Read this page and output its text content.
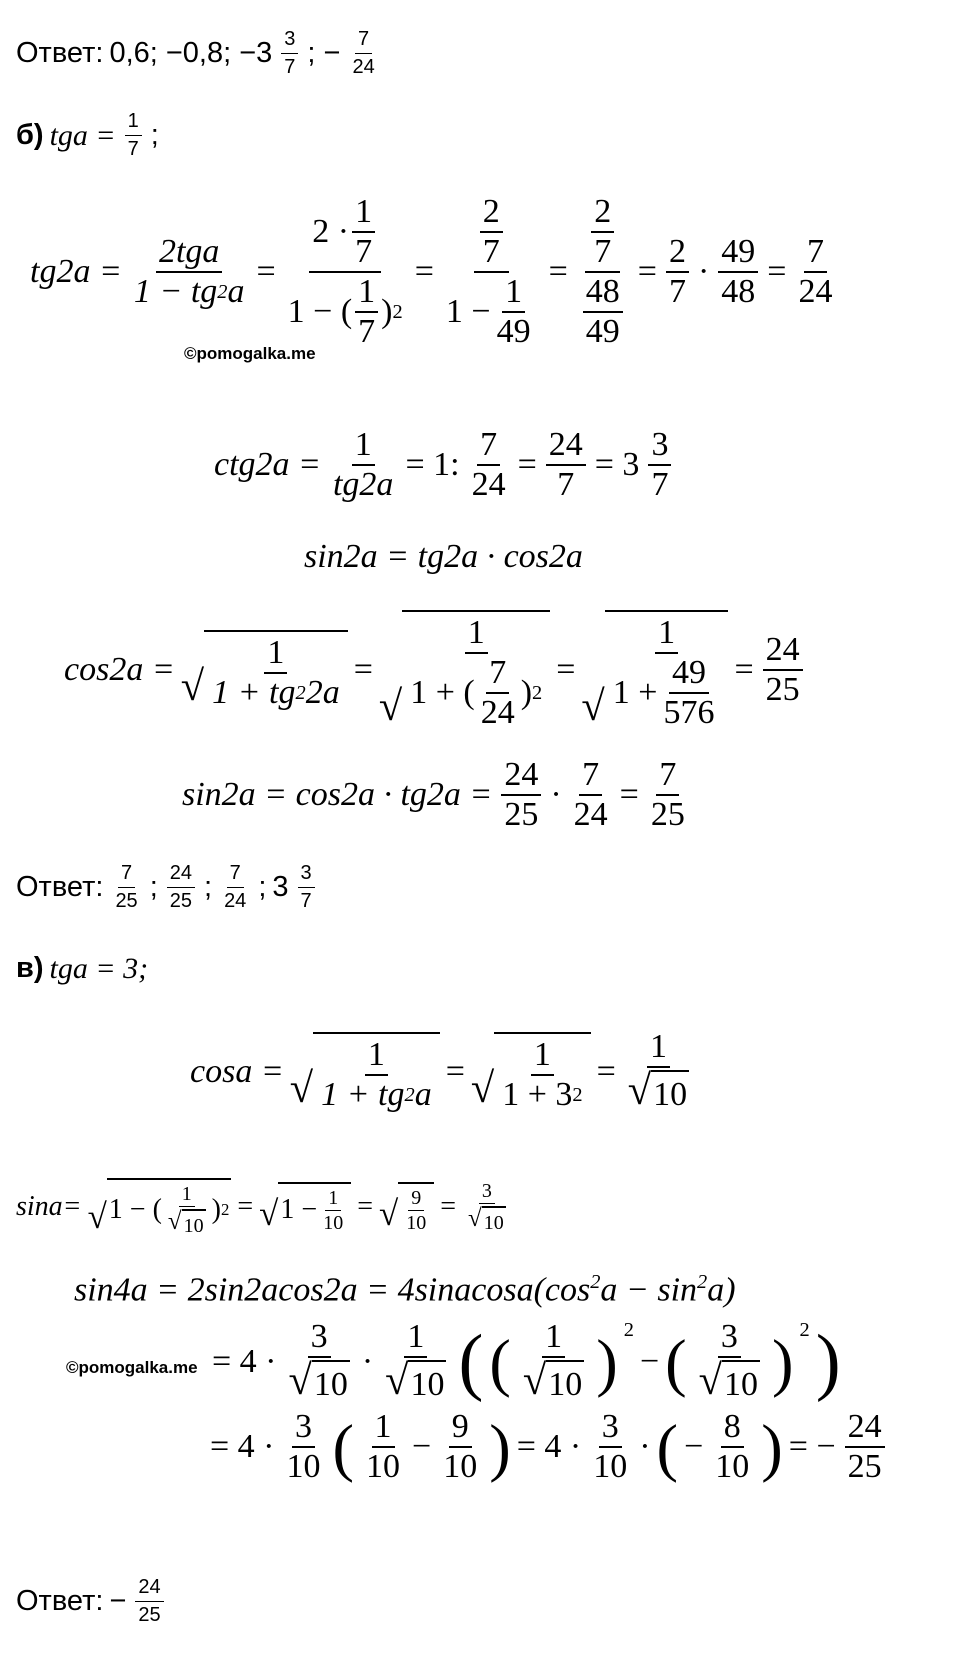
Ответ: 0,6; −0,8; $-3 \frac{3}{7}$ ; − $\frac{7}{24}$
б) tga = $\frac{1}{7}$ ;
$tg2a = \frac{\text{2tga}}{1 - tg 2 a} = \frac{2 \cdot \frac{1}{7}}{1 - ( \frac{1}{7} ) 2} = \frac{\frac{2}{7}}{1 - \frac{1}{49}} = \frac{\frac{2}{7}}{\frac{48}{49}} = \frac{2}{7} \cdot \frac{49}{48} = \frac{7}{24}$
©pomogalka.me
$ctg2a = \frac{1}{tg2a} = 1$: $\frac{7}{24} = \frac{24}{7} = 3 \frac{3}{7}$
sin2a = tg2a · cos2a
cos2a = √ $\frac{1}{1 + tg 2 2a}$ =
√ $\frac{1}{1 + ( \frac{7}{24} ) 2}$ =
√ $\frac{1}{1 + \frac{49}{576}} = \frac{24}{25}$
$\sin 2a = \cos 2a \cdot tg2a = \frac{24}{25} \cdot \frac{7}{24} = \frac{7}{25}$
Ответ: $\frac{7}{25}$ ; $\frac{24}{25}$ ; $\frac{7}{24}$ ; $3 \frac{3}{7}$
в) tga = 3;
cosa = √ $\frac{1}{1 + tg 2 a}$ = √ $\frac{1}{1 + 3 2} = \frac{1}{√ 10}$
sina= √ 1 − ( $\frac{1}{√ 10}$ ) 2 = √ $1 - \frac{1}{10}$ = √ $\frac{9}{10} = \frac{3}{√ 10}$
$\sin 4a = 2\sin 2acos2a = 4sinacosa(\cos^2a - \sin^2a)$
©pomogalka.me = $4 \cdot \frac{3}{√ 10} \cdot \frac{1}{√ 10}$ ( ( $\frac{1}{√ 10}$ ) $^2$
− ( $\frac{3}{√ 10}$ ) $^2$ )
= $4 \cdot \frac{3}{10}$ ( $\frac{1}{10} - \frac{9}{10}$ ) = $4 \cdot \frac{3}{10}$ · ( − $\frac{8}{10}$ ) = − $\frac{24}{25}$
Ответ: − $\frac{24}{25}$
